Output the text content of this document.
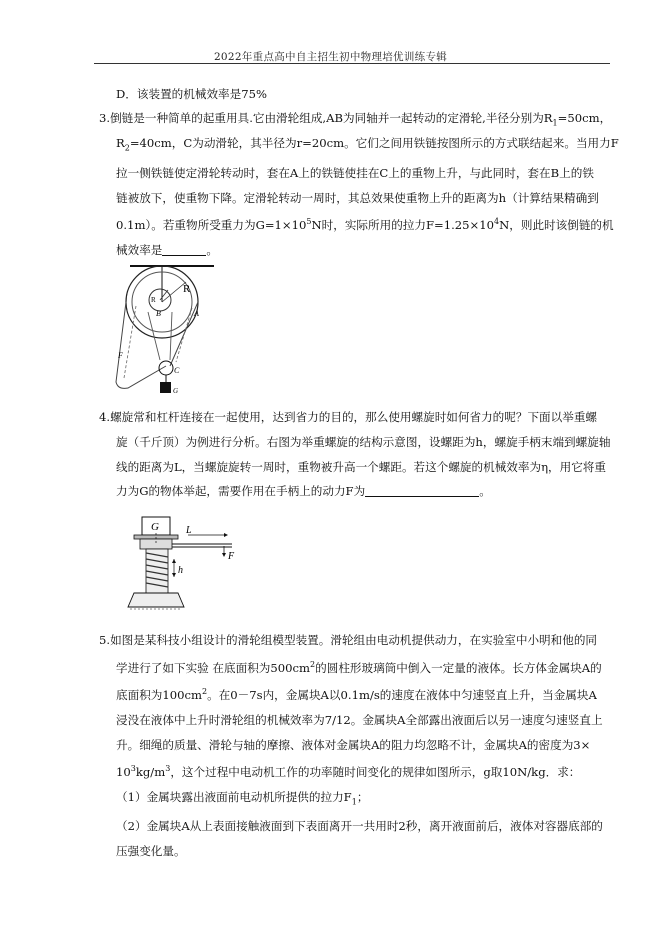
2022年重点高中自主招生初中物理培优训练专辑
D．该装置的机械效率是75%
3.倒链是一种简单的起重用具.它由滑轮组成,AB为同轴并一起转动的定滑轮,半径分别为$R_1=50cm$，
$R_2=40cm$，C为动滑轮，其半径为r=20cm。它们之间用铁链按图所示的方式联结起来。当用力F
拉一侧铁链使定滑轮转动时，套在A上的铁链使挂在C上的重物上升，与此同时，套在B上的铁
链被放下，使重物下降。定滑轮转动一周时，其总效果使重物上升的距离为h（计算结果精确到
0.1m）。若重物所受重力为$G=1\times 10^5N$时，实际所用的拉力$F=1.25\times 10^4N$，则此时该倒链的机
械效率是	。
R
R
B	A
C
F
G
4.螺旋常和杠杆连接在一起使用，达到省力的目的，那么使用螺旋时如何省力的呢？下面以举重螺
旋（千斤顶）为例进行分析。右图为举重螺旋的结构示意图，设螺距为h，螺旋手柄末端到螺旋轴
线的距离为L，当螺旋旋转一周时，重物被升高一个螺距。若这个螺旋的机械效率为η，用它将重
力为G的物体举起，需要作用在手柄上的动力F为	。
G	L
F
h
5.如图是某科技小组设计的滑轮组模型装置。滑轮组由电动机提供动力，在实验室中小明和他的同
学进行了如下实验 在底面积为$500cm^2$的圆柱形玻璃筒中倒入一定量的液体。长方体金属块A的
底面积为$100cm^2$。在0－7s内，金属块A以0.1m/s的速度在液体中匀速竖直上升，当金属块A
浸没在液体中上升时滑轮组的机械效率为7/12。金属块A全部露出液面后以另一速度匀速竖直上
升。细绳的质量、滑轮与轴的摩擦、液体对金属块A的阻力均忽略不计，金属块A的密度为3×
$10^3kg/m^3$，这个过程中电动机工作的功率随时间变化的规律如图所示，g取10N/kg．求：
（1）金属块露出液面前电动机所提供的拉力$F_1$；
（2）金属块A从上表面接触液面到下表面离开一共用时2秒，离开液面前后，液体对容器底部的
压强变化量。
